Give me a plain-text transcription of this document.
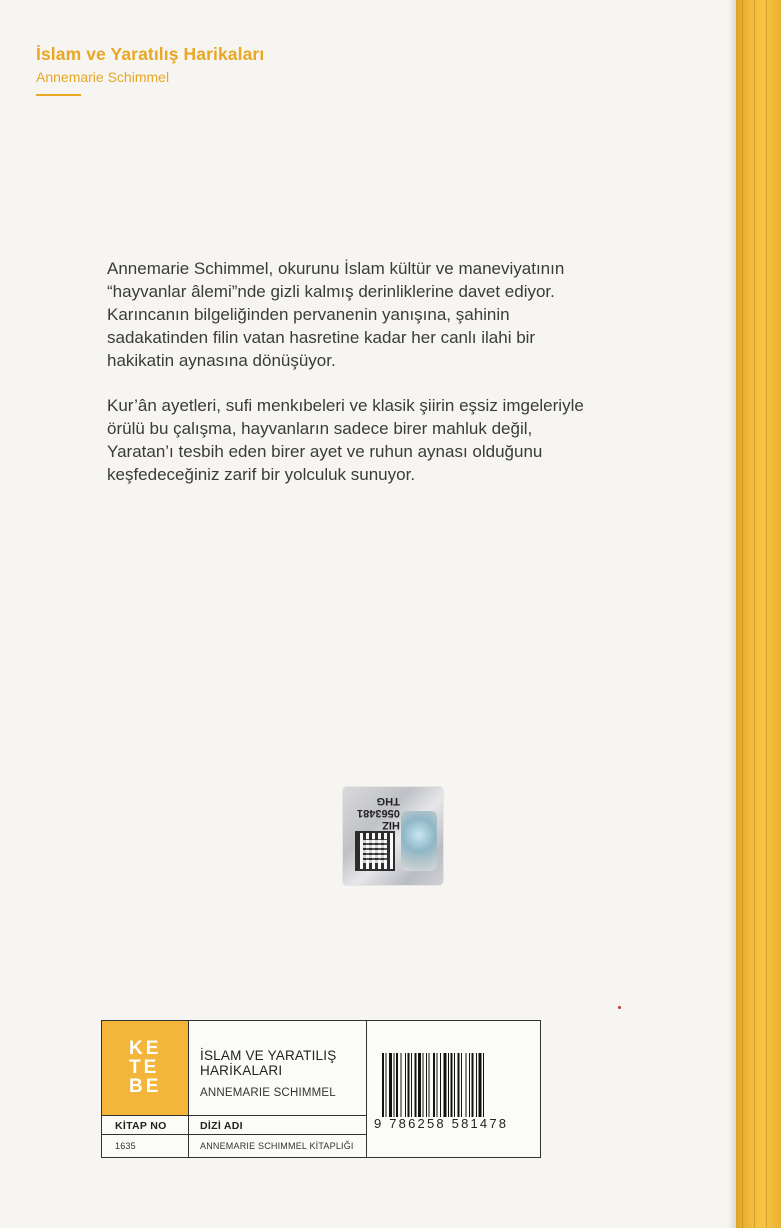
İslam ve Yaratılış Harikaları
Annemarie Schimmel

Annemarie Schimmel, okurunu İslam kültür ve maneviyatının
“hayvanlar âlemi”nde gizli kalmış derinliklerine davet ediyor.
Karıncanın bilgeliğinden pervanenin yanışına, şahinin
sadakatinden filin vatan hasretine kadar her canlı ilahi bir
hakikatin aynasına dönüşüyor.

Kur’ân ayetleri, sufi menkıbeleri ve klasik şiirin eşsiz imgeleriyle
örülü bu çalışma, hayvanların sadece birer mahluk değil,
Yaratan’ı tesbih eden birer ayet ve ruhun aynası olduğunu
keşfedeceğiniz zarif bir yolculuk sunuyor.

HIZ
0563481
THG
KE
TE
BE
İSLAM VE YARATILIŞ
HARİKALARI
ANNEMARIE SCHIMMEL
KİTAP NO	DİZİ ADI
1635	ANNEMARIE SCHIMMEL KİTAPLIĞI
9 786258 581478
